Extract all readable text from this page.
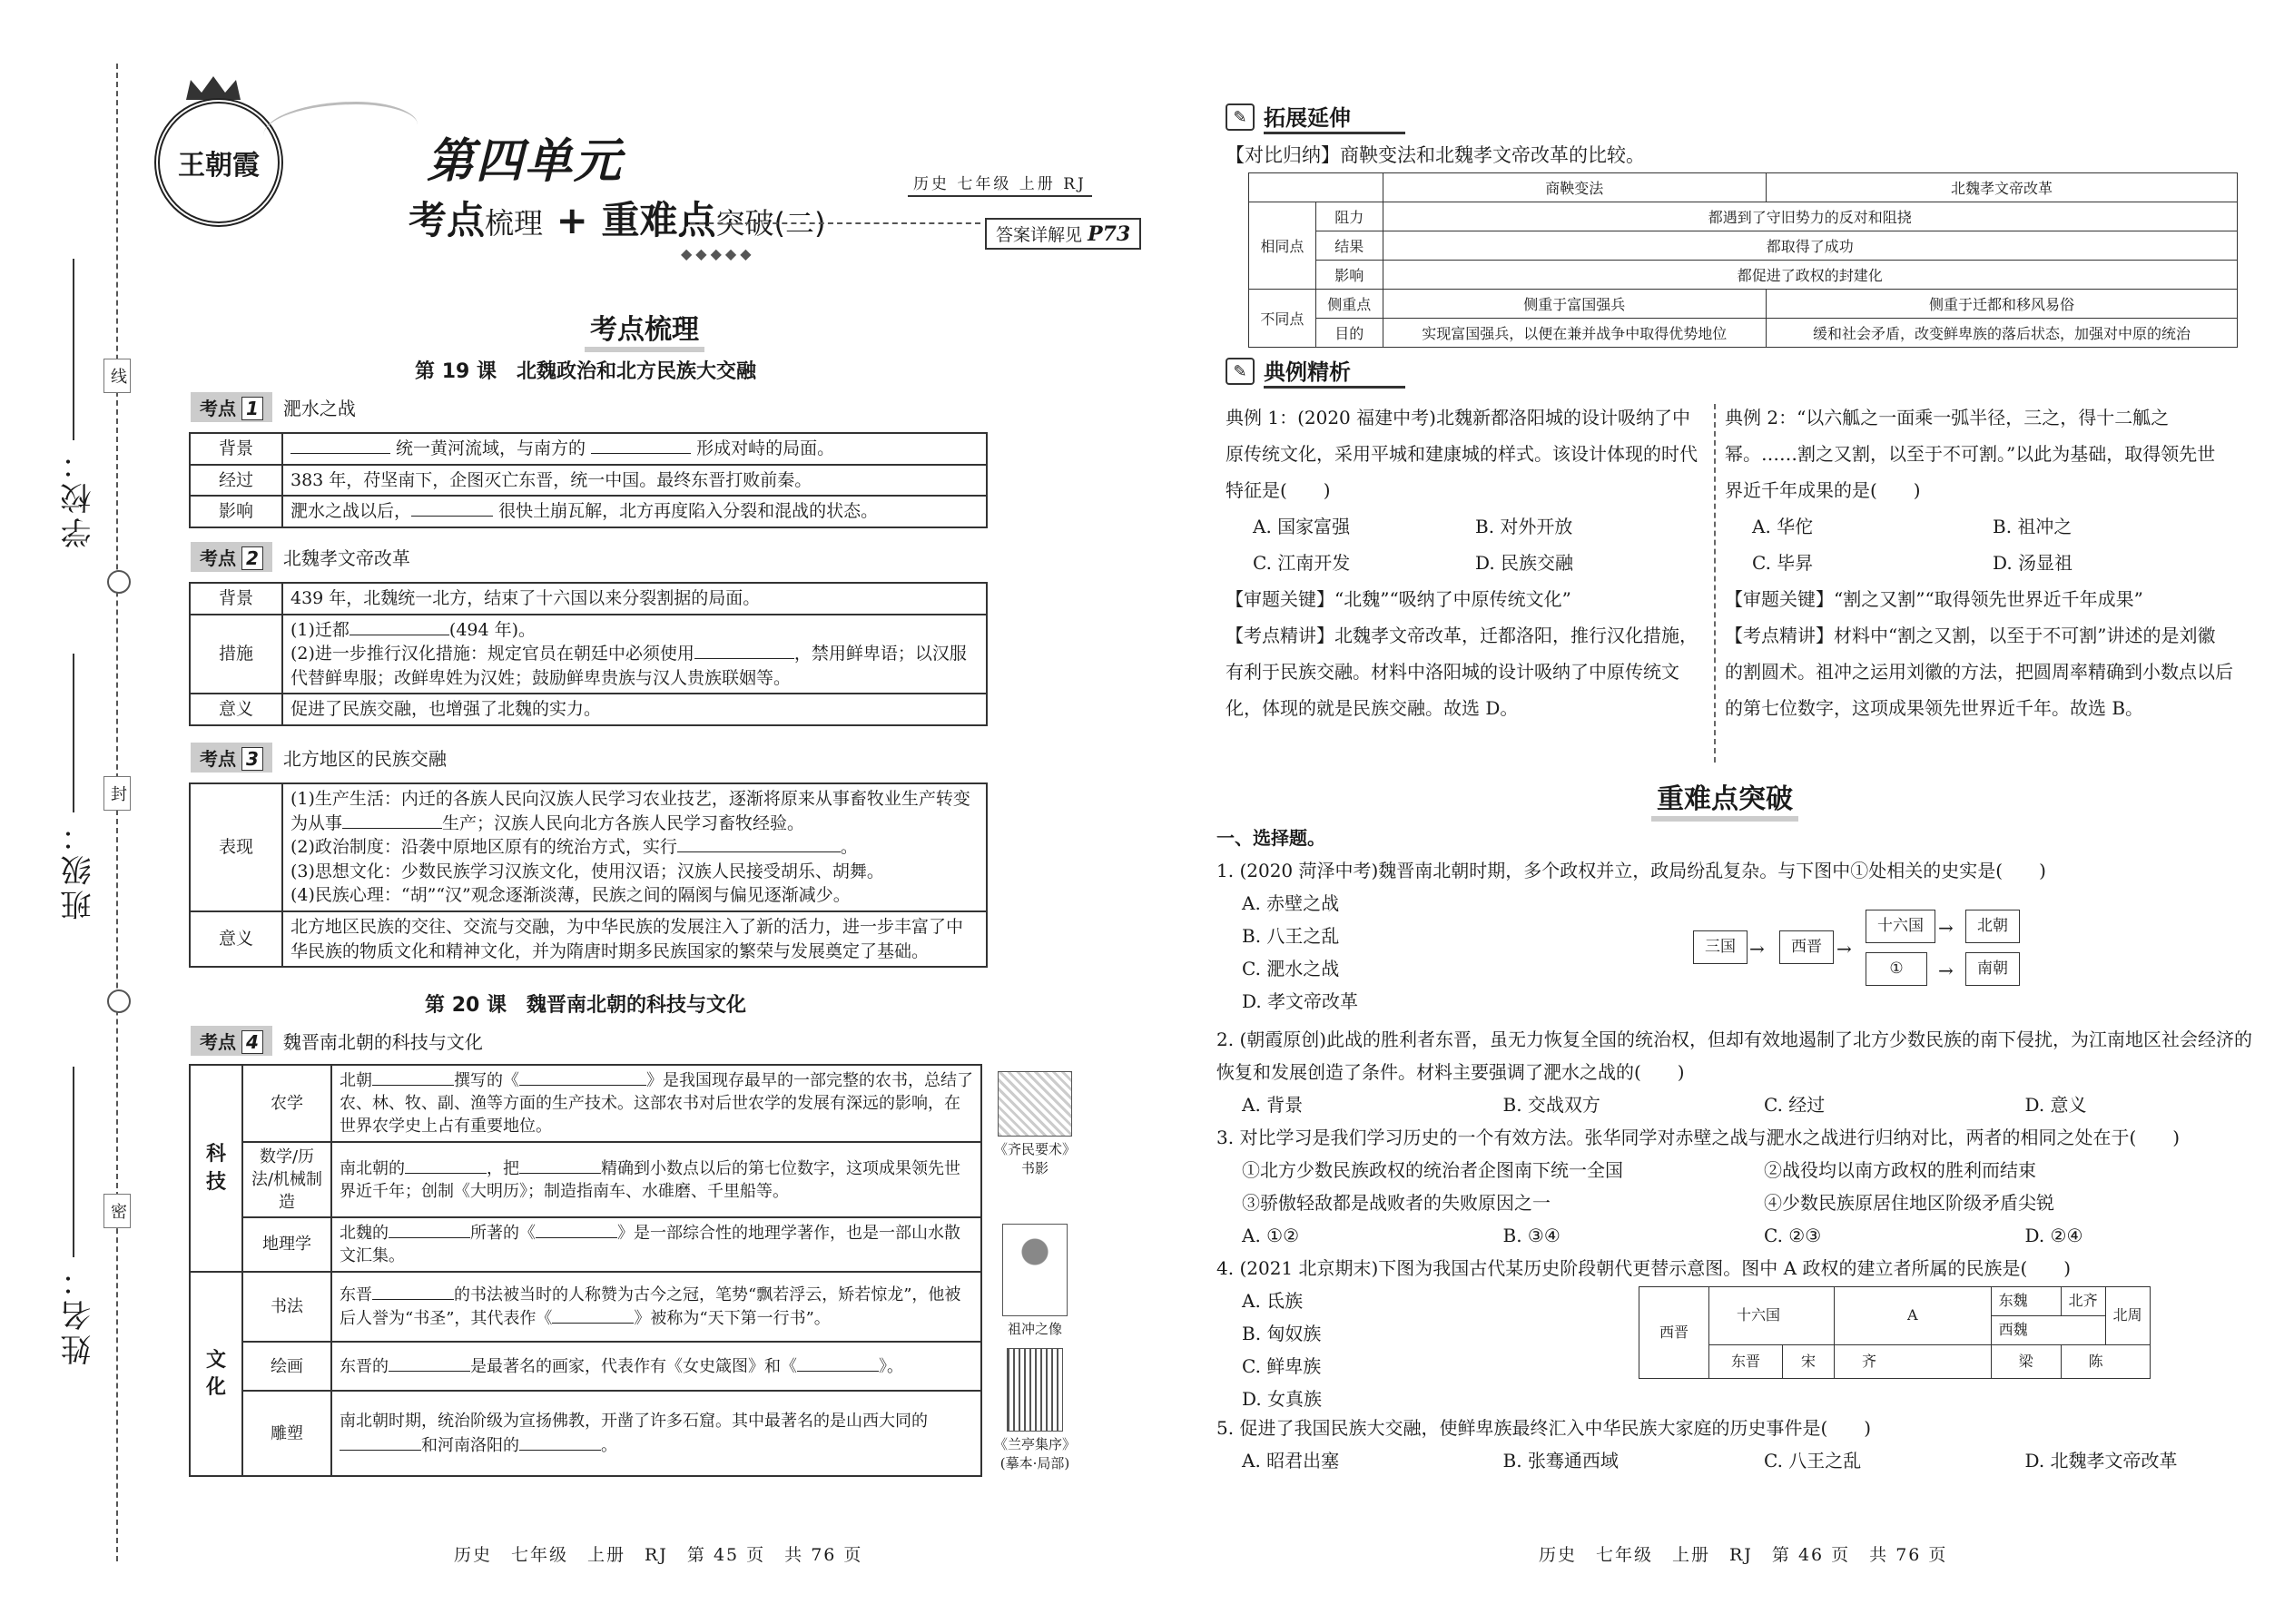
学校：
班级：
姓名：
线
封
密
王朝霞	第四单元
考点梳理 + 重难点突破(二)
历史 七年级 上册 RJ
◆◆◆◆◆
答案详解见 P73
考点梳理
第 19 课　北魏政治和北方民族大交融
考点 1	淝水之战
背景	统一黄河流域，与南方的 形成对峙的局面。
经过	383 年，苻坚南下，企图灭亡东晋，统一中国。最终东晋打败前秦。
影响	淝水之战以后， 很快土崩瓦解，北方再度陷入分裂和混战的状态。
考点 2	北魏孝文帝改革
背景	439 年，北魏统一北方，结束了十六国以来分裂割据的局面。
措施	(1)迁都 (494 年)。
(2)进一步推行汉化措施：规定官员在朝廷中必须使用 ，禁用鲜卑语；以汉服代替鲜卑服；改鲜卑姓为汉姓；鼓励鲜卑贵族与汉人贵族联姻等。
意义	促进了民族交融，也增强了北魏的实力。
考点 3	北方地区的民族交融
表现	(1)生产生活：内迁的各族人民向汉族人民学习农业技艺，逐渐将原来从事畜牧业生产转变为从事 生产；汉族人民向北方各族人民学习畜牧经验。
(2)政治制度：沿袭中原地区原有的统治方式，实行 。
(3)思想文化：少数民族学习汉族文化，使用汉语；汉族人民接受胡乐、胡舞。
(4)民族心理：“胡”“汉”观念逐渐淡薄，民族之间的隔阂与偏见逐渐减少。
意义	北方地区民族的交往、交流与交融，为中华民族的发展注入了新的活力，进一步丰富了中华民族的物质文化和精神文化，并为隋唐时期多民族国家的繁荣与发展奠定了基础。
第 20 课　魏晋南北朝的科技与文化
考点 4	魏晋南北朝的科技与文化
科技	农学	北朝 撰写的《 》是我国现存最早的一部完整的农书，总结了农、林、牧、副、渔等方面的生产技术。这部农书对后世农学的发展有深远的影响，在世界农学史上占有重要地位。	《齐民要术》书影

	数学/历法/机械制造	南北朝的 ，把 精确到小数点以后的第七位数字，这项成果领先世界近千年；创制《大明历》；制造指南车、水碓磨、千里船等。	
	地理学	北魏的 所著的《 》是一部综合性的地理学著作，也是一部山水散文汇集。	祖冲之像

文化	书法	东晋 的书法被当时的人称赞为古今之冠，笔势“飘若浮云，矫若惊龙”，他被后人誉为“书圣”，其代表作《 》被称为“天下第一行书”。	
	绘画	东晋的 是最著名的画家，代表作有《女史箴图》和《 》。	《兰亭集序》(摹本·局部)

	雕塑	南北朝时期，统治阶级为宣扬佛教，开凿了许多石窟。其中最著名的是山西大同的和河南洛阳的 。	
历史　七年级　上册　RJ　第 45 页　共 76 页
✎ 拓展延伸
【对比归纳】商鞅变法和北魏孝文帝改革的比较。
		商鞅变法	北魏孝文帝改革
相同点	阻力	都遇到了守旧势力的反对和阻挠	
	结果	都取得了成功	
	影响	都促进了政权的封建化	
不同点	侧重点	侧重于富国强兵	侧重于迁都和移风易俗
	目的	实现富国强兵，以便在兼并战争中取得优势地位	缓和社会矛盾，改变鲜卑族的落后状态，加强对中原的统治
✎ 典例精析

典例 1：(2020 福建中考)北魏新都洛阳城的设计吸纳了中原传统文化，采用平城和建康城的样式。该设计体现的时代特征是(　　)

A. 国家富强	B. 对外开放
C. 江南开发	D. 民族交融

【审题关键】“北魏”“吸纳了中原传统文化”

【考点精讲】北魏孝文帝改革，迁都洛阳，推行汉化措施，有利于民族交融。材料中洛阳城的设计吸纳了中原传统文化，体现的就是民族交融。故选 D。

典例 2：“以六觚之一面乘一弧半径，三之，得十二觚之幂。……割之又割，以至于不可割。”以此为基础，取得领先世界近千年成果的是(　　)

A. 华佗	B. 祖冲之
C. 毕昇	D. 汤显祖

【审题关键】“割之又割”“取得领先世界近千年成果”

【考点精讲】材料中“割之又割，以至于不可割”讲述的是刘徽的割圆术。祖冲之运用刘徽的方法，把圆周率精确到小数点以后的第七位数字，这项成果领先世界近千年。故选 B。

重难点突破

一、选择题。

1. (2020 菏泽中考)魏晋南北朝时期，多个政权并立，政局纷乱复杂。与下图中①处相关的史实是(　　)

A. 赤壁之战
B. 八王之乱
C. 淝水之战
D. 孝文帝改革
三国 →	西晋 →
十六国
①
→	北朝
→	南朝

2. (朝霞原创)此战的胜利者东晋，虽无力恢复全国的统治权，但却有效地遏制了北方少数民族的南下侵扰，为江南地区社会经济的恢复和发展创造了条件。材料主要强调了淝水之战的(　　)

A. 背景	B. 交战双方	C. 经过	D. 意义

3. 对比学习是我们学习历史的一个有效方法。张华同学对赤壁之战与淝水之战进行归纳对比，两者的相同之处在于(　　)

①北方少数民族政权的统治者企图南下统一全国	②战役均以南方政权的胜利而结束
③骄傲轻敌都是战败者的失败原因之一	④少数民族原居住地区阶级矛盾尖锐
A. ①②	B. ③④	C. ②③	D. ②④

4. (2021 北京期末)下图为我国古代某历史阶段朝代更替示意图。图中 A 政权的建立者所属的民族是(　　)

A. 氐族
B. 匈奴族
C. 鲜卑族
D. 女真族
西晋	十六国		A	东魏	北齐	北周
				西魏		
	东晋	宋	齐	梁	陈	

5. 促进了我国民族大交融，使鲜卑族最终汇入中华民族大家庭的历史事件是(　　)

A. 昭君出塞	B. 张骞通西域	C. 八王之乱	D. 北魏孝文帝改革
历史　七年级　上册　RJ　第 46 页　共 76 页
